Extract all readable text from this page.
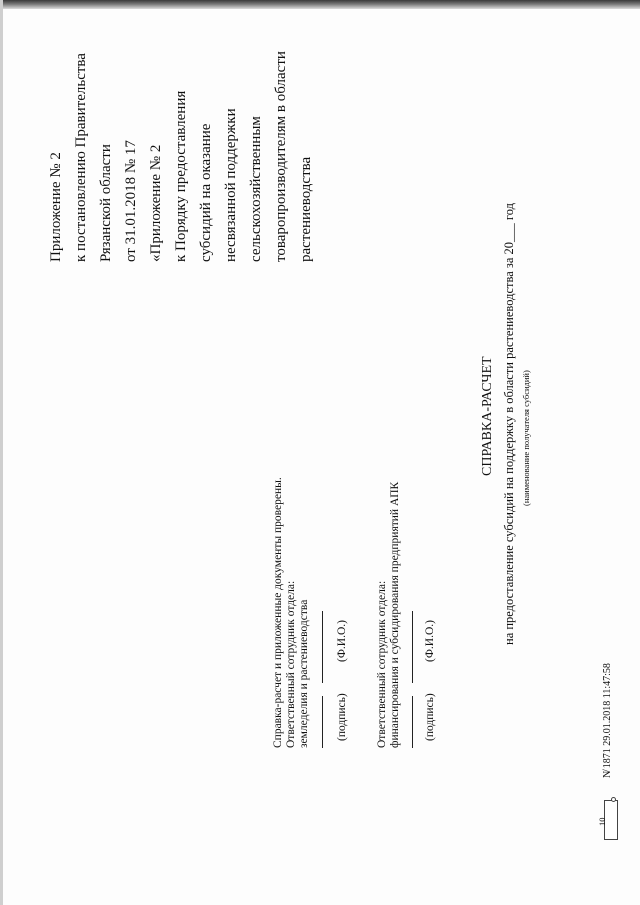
Приложение № 2 к постановлению Правительства Рязанской области от 31.01.2018 № 17 «Приложение № 2 к Порядку предоставления субсидий на оказание несвязанной поддержки сельскохозяйственным товаропроизводителям в области растениеводства
СПРАВКА-РАСЧЕТ на предоставление субсидий на поддержку в области растениеводства за 20___ год (наименование получателя субсидий)
Справка-расчет и приложенные документы проверены. Ответственный сотрудник отдела: земледелия и растениеводства (подпись)
(Ф.И.О.) Ответственный сотрудник отдела: финансирования и субсидирования предприятий АПК (подпись)
(Ф.И.О.)
10
N̸ 1871 29.01.2018 11:47:58
